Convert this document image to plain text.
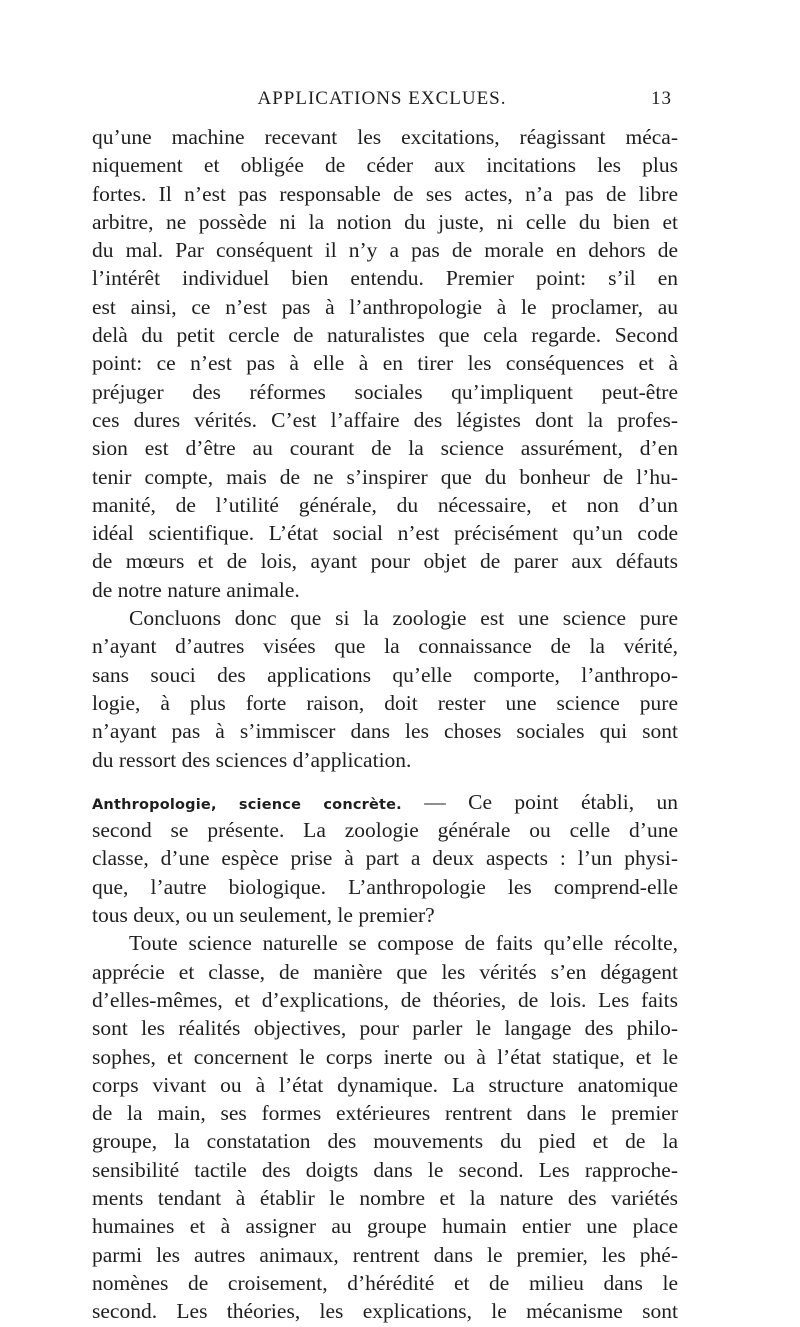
APPLICATIONS EXCLUES.	13
qu’une machine recevant les excitations, réagissant méca-
niquement et obligée de céder aux incitations les plus
fortes. Il n’est pas responsable de ses actes, n’a pas de libre
arbitre, ne possède ni la notion du juste, ni celle du bien et
du mal. Par conséquent il n’y a pas de morale en dehors de
l’intérêt individuel bien entendu. Premier point: s’il en
est ainsi, ce n’est pas à l’anthropologie à le proclamer, au
delà du petit cercle de naturalistes que cela regarde. Second
point: ce n’est pas à elle à en tirer les conséquences et à
préjuger des réformes sociales qu’impliquent peut-être
ces dures vérités. C’est l’affaire des légistes dont la profes-
sion est d’être au courant de la science assurément, d’en
tenir compte, mais de ne s’inspirer que du bonheur de l’hu-
manité, de l’utilité générale, du nécessaire, et non d’un
idéal scientifique. L’état social n’est précisément qu’un code
de mœurs et de lois, ayant pour objet de parer aux défauts
de notre nature animale.
Concluons donc que si la zoologie est une science pure
n’ayant d’autres visées que la connaissance de la vérité,
sans souci des applications qu’elle comporte, l’anthropo-
logie, à plus forte raison, doit rester une science pure
n’ayant pas à s’immiscer dans les choses sociales qui sont
du ressort des sciences d’application.
Anthropologie, science concrète. — Ce point établi, un
second se présente. La zoologie générale ou celle d’une
classe, d’une espèce prise à part a deux aspects : l’un physi-
que, l’autre biologique. L’anthropologie les comprend-elle
tous deux, ou un seulement, le premier?
Toute science naturelle se compose de faits qu’elle récolte,
apprécie et classe, de manière que les vérités s’en dégagent
d’elles-mêmes, et d’explications, de théories, de lois. Les faits
sont les réalités objectives, pour parler le langage des philo-
sophes, et concernent le corps inerte ou à l’état statique, et le
corps vivant ou à l’état dynamique. La structure anatomique
de la main, ses formes extérieures rentrent dans le premier
groupe, la constatation des mouvements du pied et de la
sensibilité tactile des doigts dans le second. Les rapproche-
ments tendant à établir le nombre et la nature des variétés
humaines et à assigner au groupe humain entier une place
parmi les autres animaux, rentrent dans le premier, les phé-
nomènes de croisement, d’hérédité et de milieu dans le
second. Les théories, les explications, le mécanisme sont
